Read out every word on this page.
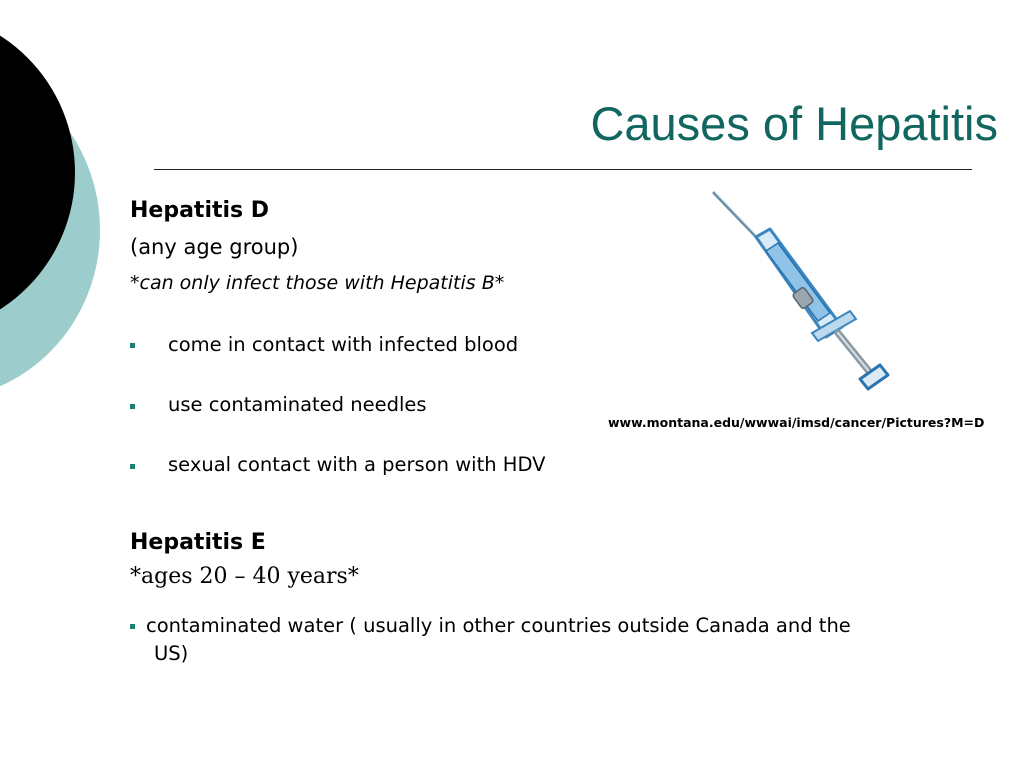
Causes of Hepatitis
Hepatitis D
(any age group)
*can only infect those with Hepatitis B*
come in contact with infected blood
use contaminated needles
sexual contact with a person with HDV
Hepatitis E
*ages 20 – 40 years*
contaminated water ( usually in other countries outside Canada and the US)
www.montana.edu/wwwai/imsd/cancer/Pictures?M=D
